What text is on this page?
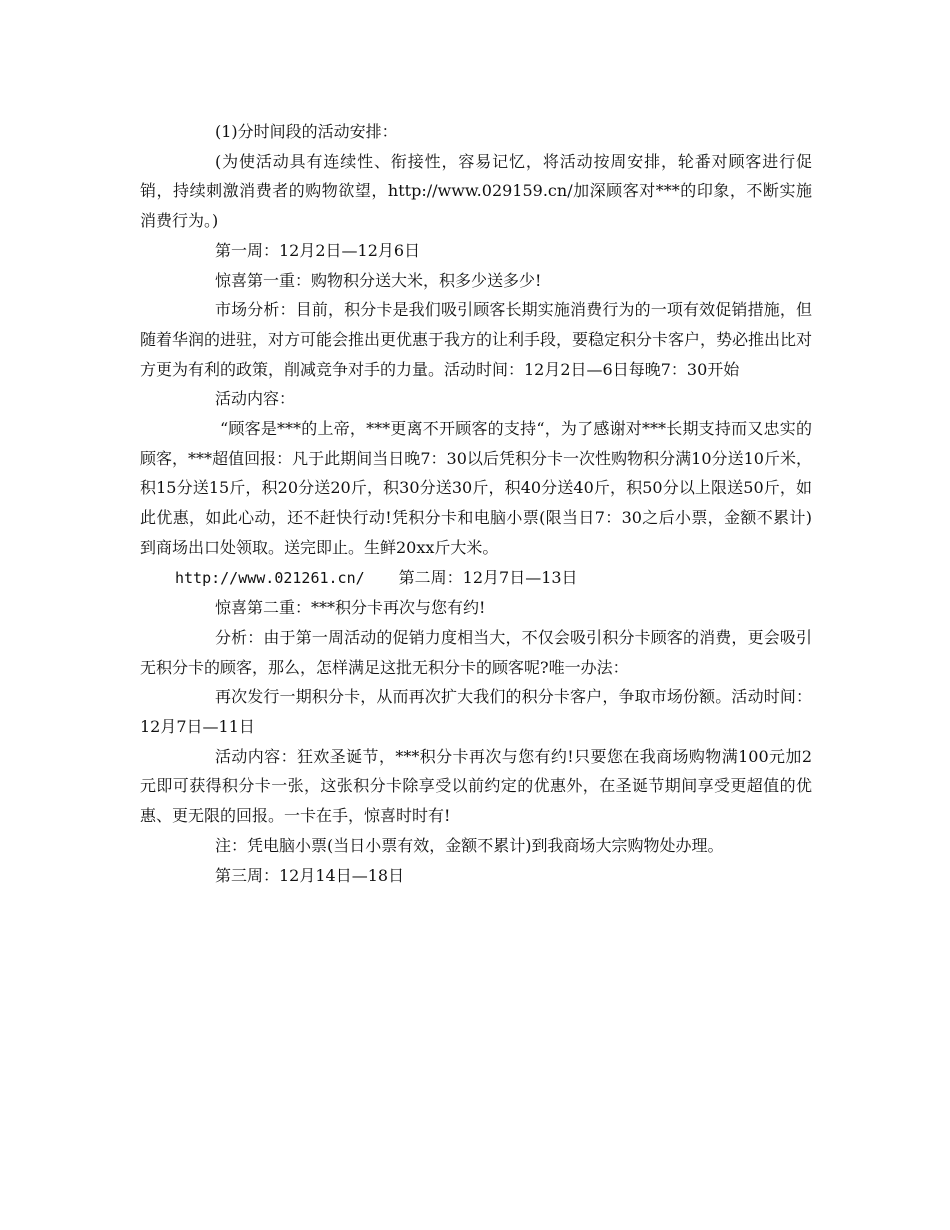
(1)分时间段的活动安排：

(为使活动具有连续性、衔接性，容易记忆，将活动按周安排，轮番对顾客进行促销，持续刺激消费者的购物欲望，http://www.029159.cn/加深顾客对***的印象，不断实施消费行为。)

第一周：12月2日—12月6日

惊喜第一重：购物积分送大米，积多少送多少!

市场分析：目前，积分卡是我们吸引顾客长期实施消费行为的一项有效促销措施，但随着华润的进驻，对方可能会推出更优惠于我方的让利手段，要稳定积分卡客户，势必推出比对方更为有利的政策，削减竞争对手的力量。活动时间：12月2日—6日每晚7：30开始

活动内容：

“顾客是***的上帝，***更离不开顾客的支持“，为了感谢对***长期支持而又忠实的顾客，***超值回报：凡于此期间当日晚7：30以后凭积分卡一次性购物积分满10分送10斤米，积15分送15斤，积20分送20斤，积30分送30斤，积40分送40斤，积50分以上限送50斤，如此优惠，如此心动，还不赶快行动!凭积分卡和电脑小票(限当日7：30之后小票，金额不累计)到商场出口处领取。送完即止。生鲜20xx斤大米。

http://www.021261.cn/ 第二周：12月7日—13日

惊喜第二重：***积分卡再次与您有约!

分析：由于第一周活动的促销力度相当大，不仅会吸引积分卡顾客的消费，更会吸引无积分卡的顾客，那么，怎样满足这批无积分卡的顾客呢?唯一办法：

再次发行一期积分卡，从而再次扩大我们的积分卡客户，争取市场份额。活动时间：12月7日—11日

活动内容：狂欢圣诞节，***积分卡再次与您有约!只要您在我商场购物满100元加2元即可获得积分卡一张，这张积分卡除享受以前约定的优惠外，在圣诞节期间享受更超值的优惠、更无限的回报。一卡在手，惊喜时时有!

注：凭电脑小票(当日小票有效，金额不累计)到我商场大宗购物处办理。

第三周：12月14日—18日
